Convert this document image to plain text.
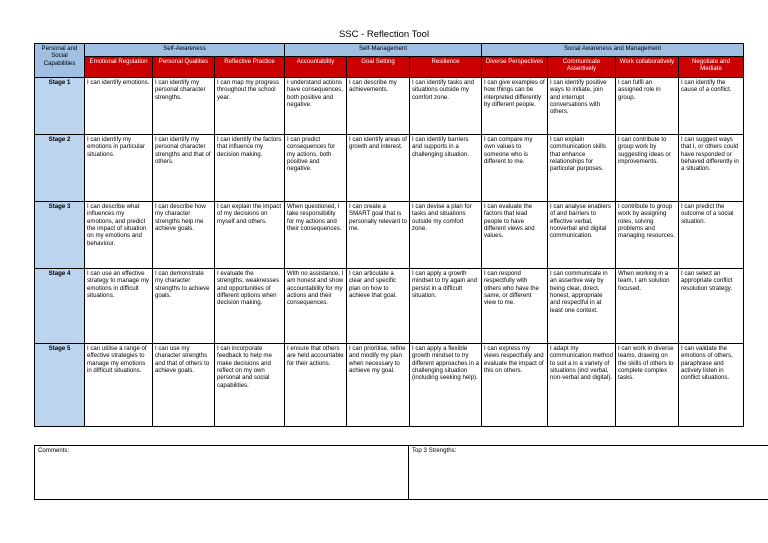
SSC - Reflection Tool
Personal and Social Capabilities	Self-Awareness			Self-Management			Social Awareness and Management			
	Emotional Regulation	Personal Qualities	Reflective Practice	Accountability	Goal Setting	Resilience	Diverse Perspectives	Communicate Assertively	Work collaboratively	Negotiate and Mediate
Stage 1	I can identify emotions.	I can identify my personal character strengths.	I can map my progress throughout the school year.	I understand actions have consequences, both positive and negative.	I can describe my achievements.	I can identify tasks and situations outside my comfort zone.	I can give examples of how things can be interpreted differently by different people.	I can identify positive ways to initiate, join and interrupt conversations with others.	I can fulfil an assigned role in group.	I can identify the cause of a conflict.
Stage 2	I can identify my emotions in particular situations.	I can identify my personal character strengths and that of others.	I can identify the factors that influence my decision making.	I can predict consequences for my actions, both positive and negative.	I can identify areas of growth and interest.	I can identify barriers and supports in a challenging situation.	I can compare my own values to someone who is different to me.	I can explain communication skills that enhance relationships for particular purposes.	I can contribute to group work by suggesting ideas or improvements.	I can suggest ways that I, or others could have responded or behaved differently in a situation.
Stage 3	I can describe what influences my emotions, and predict the impact of situation on my emotions and behaviour.	I can describe how my character strengths help me achieve goals.	I can explain the impact of my decisions on myself and others.	When questioned, I take responsibility for my actions and their consequences.	I can create a SMART goal that is personally relevant to me.	I can devise a plan for tasks and situations outside my comfort zone.	I can evaluate the factors that lead people to have different views and values.	I can analyse enablers of and barriers to effective verbal, nonverbal and digital communication.	I contribute to group work by assigning roles, solving problems and managing resources.	I can predict the outcome of a social situation.
Stage 4	I can use an effective strategy to manage my emotions in difficult situations.	I can demonstrate my character strengths to achieve goals.	I evaluate the strengths, weaknesses and opportunities of different options when decision making.	With no assistance, I am honest and show accountability for my actions and their consequences.	I can articulate a clear and specific plan on how to achieve that goal.	I can apply a growth mindset to try again and persist in a difficult situation.	I can respond respectfully with others who have the same, or different view to me.	I can communicate in an assertive way by being clear, direct, honest, appropriate and respectful in at least one context.	When working in a team, I am solution focused.	I can select an appropriate conflict resolution strategy.
Stage 5	I can utilise a range of effective strategies to manage my emotions in difficult situations.	I can use my character strengths and that of others to achieve goals.	I can incorporate feedback to help me make decisions and reflect on my own personal and social capabilities.	I ensure that others are held accountable for their actions.	I can prioritise, refine and modify my plan when necessary to achieve my goal.	I can apply a flexible growth mindset to try different approaches in a challenging situation (including seeking help).	I can express my views respectfully and evaluate the impact of this on others.	I adapt my communication method to suit a in a variety of situations (incl verbal, non-verbal and digital).	I can work in diverse teams, drawing on the skills of others to complete complex tasks.	I can validate the emotions of others, paraphrase and actively listen in conflict situations.
Comments:	Top 3 Strengths:
